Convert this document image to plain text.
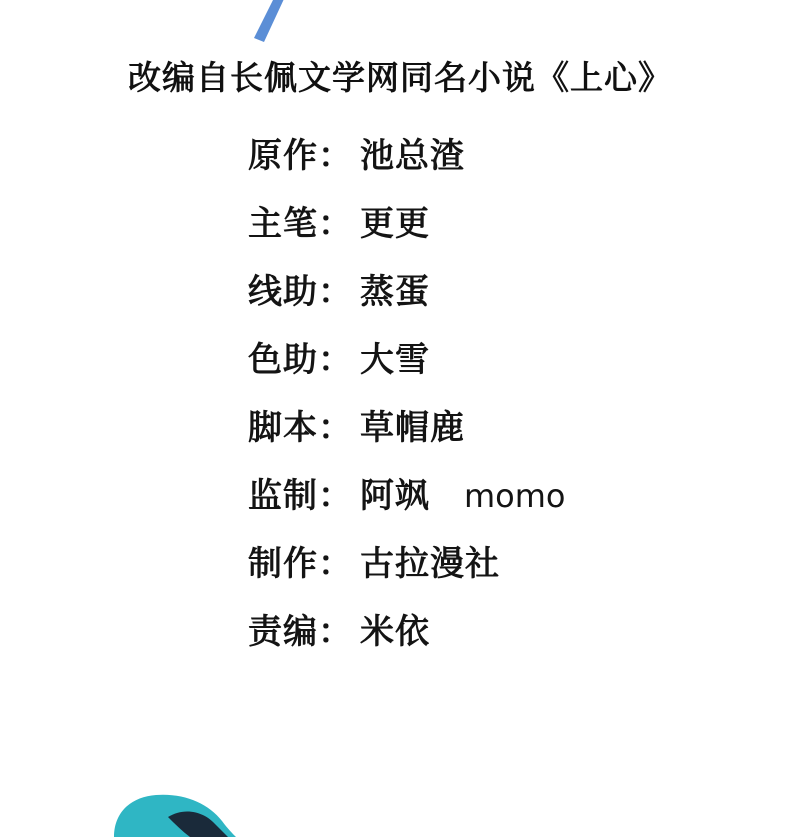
改编自长佩文学网同名小说《上心》
原作 ： 池总渣
主笔 ： 更更
线助 ： 蒸蛋
色助 ： 大雪
脚本 ： 草帽鹿
监制 ： 阿飒 momo
制作 ： 古拉漫社
责编 ： 米依
